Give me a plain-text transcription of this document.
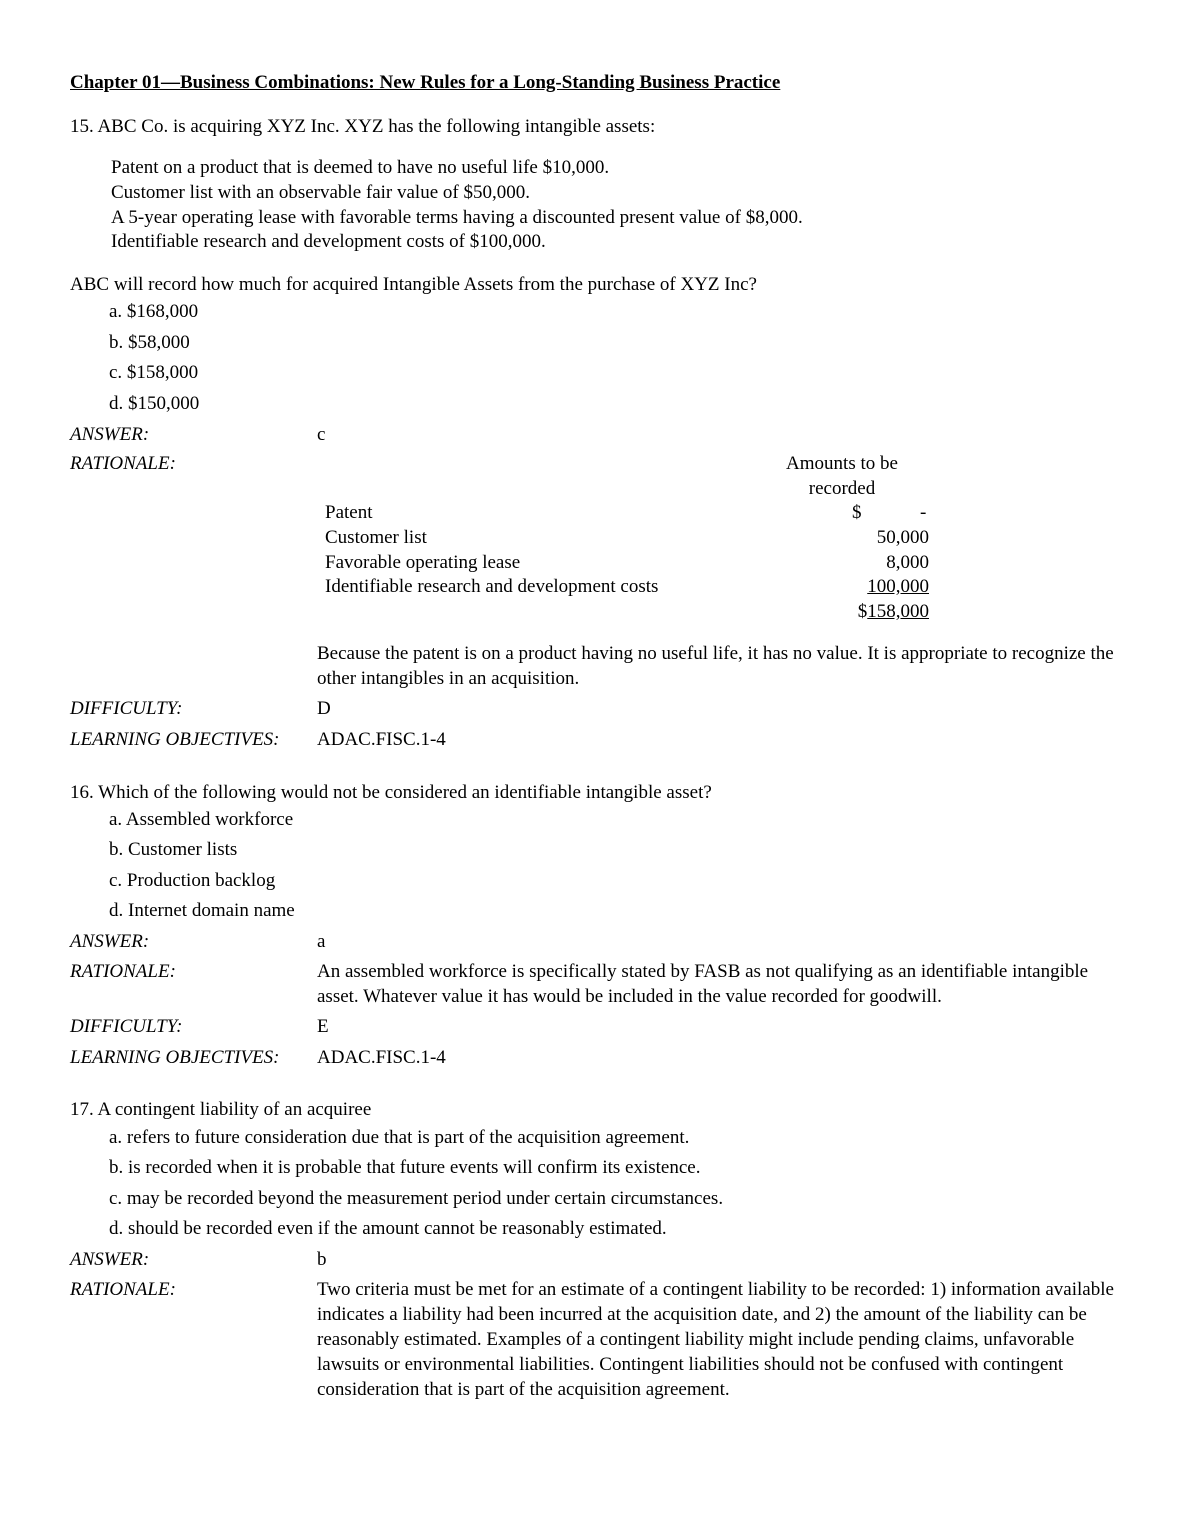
Chapter 01—Business Combinations: New Rules for a Long-Standing Business Practice
15. ABC Co. is acquiring XYZ Inc. XYZ has the following intangible assets:
Patent on a product that is deemed to have no useful life $10,000.
Customer list with an observable fair value of $50,000.
A 5-year operating lease with favorable terms having a discounted present value of $8,000.
Identifiable research and development costs of $100,000.
ABC will record how much for acquired Intangible Assets from the purchase of XYZ Inc?
a. $168,000
b. $58,000
c. $158,000
d. $150,000
ANSWER:	c
RATIONALE:	Amounts to be recorded
Patent	$	-
Customer list	50,000
Favorable operating lease	8,000
Identifiable research and development costs	100,000
$158,000
Because the patent is on a product having no useful life, it has no value. It is appropriate to recognize the other intangibles in an acquisition.
DIFFICULTY:	D
LEARNING OBJECTIVES: ADAC.FISC.1-4
16. Which of the following would not be considered an identifiable intangible asset?
a. Assembled workforce
b. Customer lists
c. Production backlog
d. Internet domain name
ANSWER:	a
RATIONALE:	An assembled workforce is specifically stated by FASB as not qualifying as an identifiable intangible asset. Whatever value it has would be included in the value recorded for goodwill.
DIFFICULTY:	E
LEARNING OBJECTIVES: ADAC.FISC.1-4
17. A contingent liability of an acquiree
a. refers to future consideration due that is part of the acquisition agreement.
b. is recorded when it is probable that future events will confirm its existence.
c. may be recorded beyond the measurement period under certain circumstances.
d. should be recorded even if the amount cannot be reasonably estimated.
ANSWER:	b
RATIONALE:	Two criteria must be met for an estimate of a contingent liability to be recorded: 1) information available indicates a liability had been incurred at the acquisition date, and 2) the amount of the liability can be reasonably estimated. Examples of a contingent liability might include pending claims, unfavorable lawsuits or environmental liabilities. Contingent liabilities should not be confused with contingent consideration that is part of the acquisition agreement.
